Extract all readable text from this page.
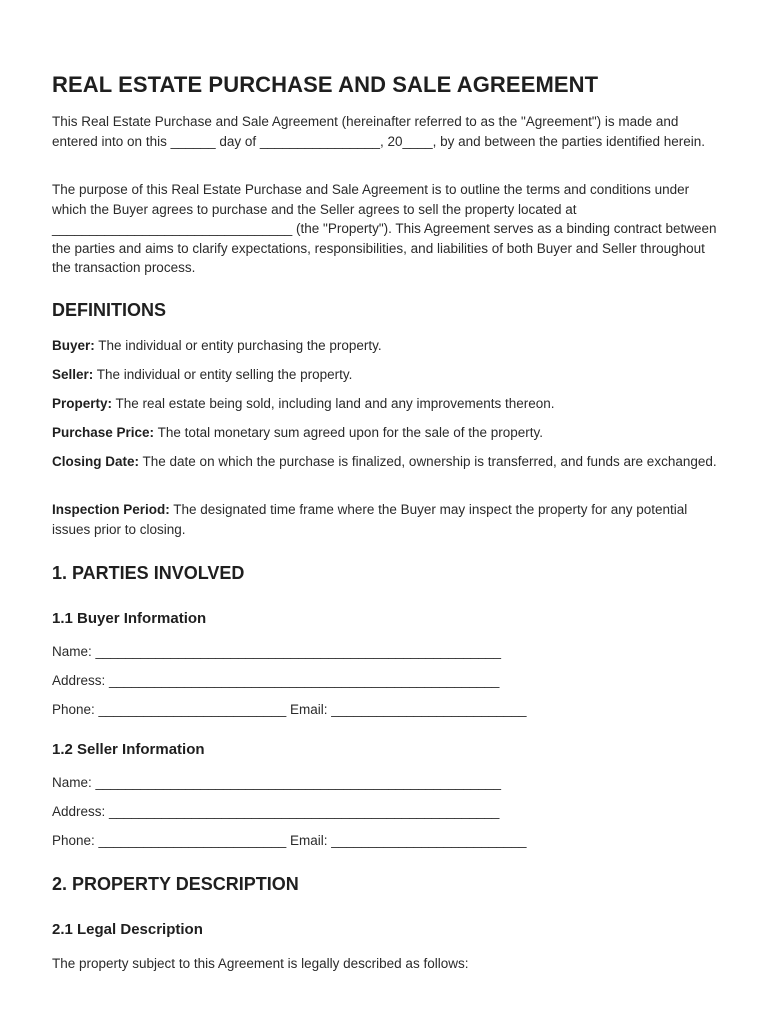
REAL ESTATE PURCHASE AND SALE AGREEMENT

This Real Estate Purchase and Sale Agreement (hereinafter referred to as the "Agreement") is made and entered into on this ______ day of ________________, 20____, by and between the parties identified herein.

The purpose of this Real Estate Purchase and Sale Agreement is to outline the terms and conditions under which the Buyer agrees to purchase and the Seller agrees to sell the property located at ________________________________ (the "Property"). This Agreement serves as a binding contract between the parties and aims to clarify expectations, responsibilities, and liabilities of both Buyer and Seller throughout the transaction process.

DEFINITIONS

Buyer: The individual or entity purchasing the property.

Seller: The individual or entity selling the property.

Property: The real estate being sold, including land and any improvements thereon.

Purchase Price: The total monetary sum agreed upon for the sale of the property.

Closing Date: The date on which the purchase is finalized, ownership is transferred, and funds are exchanged.

Inspection Period: The designated time frame where the Buyer may inspect the property for any potential issues prior to closing.

1. PARTIES INVOLVED
1.1 Buyer Information

Name: ______________________________________________________

Address: ____________________________________________________

Phone: _________________________ Email: __________________________

1.2 Seller Information

Name: ______________________________________________________

Address: ____________________________________________________

Phone: _________________________ Email: __________________________

2. PROPERTY DESCRIPTION
2.1 Legal Description

The property subject to this Agreement is legally described as follows:
